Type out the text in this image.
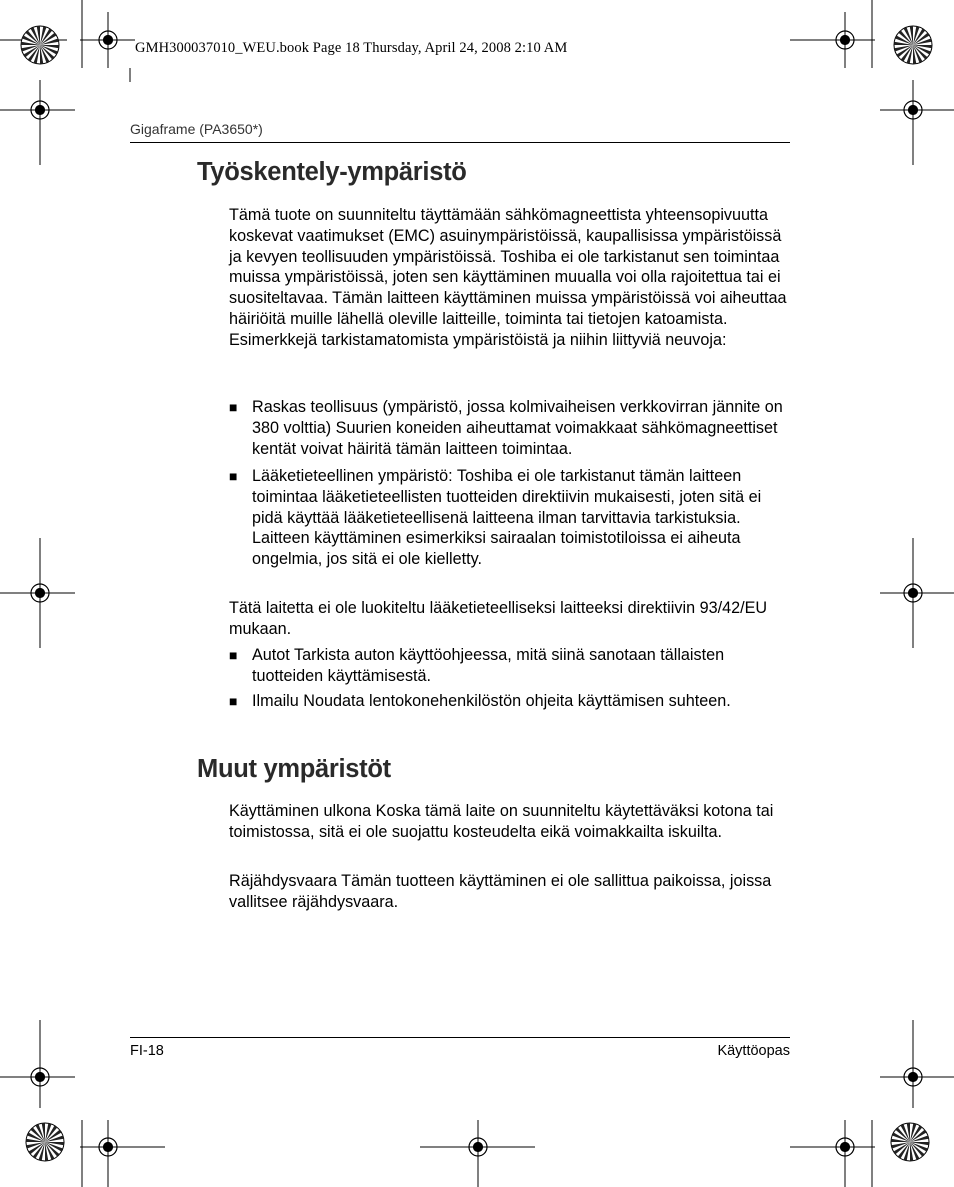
GMH300037010_WEU.book Page 18 Thursday, April 24, 2008 2:10 AM
Gigaframe (PA3650*)
Työskentely-ympäristö
Tämä tuote on suunniteltu täyttämään sähkömagneettista yhteensopivuutta koskevat vaatimukset (EMC) asuinympäristöissä, kaupallisissa ympäristöissä ja kevyen teollisuuden ympäristöissä. Toshiba ei ole tarkistanut sen toimintaa muissa ympäristöissä, joten sen käyttäminen muualla voi olla rajoitettua tai ei suositeltavaa. Tämän laitteen käyttäminen muissa ympäristöissä voi aiheuttaa häiriöitä muille lähellä oleville laitteille, toiminta tai tietojen katoamista. Esimerkkejä tarkistamatomista ympäristöistä ja niihin liittyviä neuvoja:
■ Raskas teollisuus (ympäristö, jossa kolmivaiheisen verkkovirran jännite on 380 volttia) Suurien koneiden aiheuttamat voimakkaat sähkömagneettiset kentät voivat häiritä tämän laitteen toimintaa.
■ Lääketieteellinen ympäristö: Toshiba ei ole tarkistanut tämän laitteen toimintaa lääketieteellisten tuotteiden direktiivin mukaisesti, joten sitä ei pidä käyttää lääketieteellisenä laitteena ilman tarvittavia tarkistuksia. Laitteen käyttäminen esimerkiksi sairaalan toimistotiloissa ei aiheuta ongelmia, jos sitä ei ole kielletty.
Tätä laitetta ei ole luokiteltu lääketieteelliseksi laitteeksi direktiivin 93/42/EU mukaan.
■ Autot Tarkista auton käyttöohjeessa, mitä siinä sanotaan tällaisten tuotteiden käyttämisestä.
■ Ilmailu Noudata lentokonehenkilöstön ohjeita käyttämisen suhteen.
Muut ympäristöt
Käyttäminen ulkona Koska tämä laite on suunniteltu käytettäväksi kotona tai toimistossa, sitä ei ole suojattu kosteudelta eikä voimakkailta iskuilta.
Räjähdysvaara Tämän tuotteen käyttäminen ei ole sallittua paikoissa, joissa vallitsee räjähdysvaara.
FI-18	Käyttöopas
